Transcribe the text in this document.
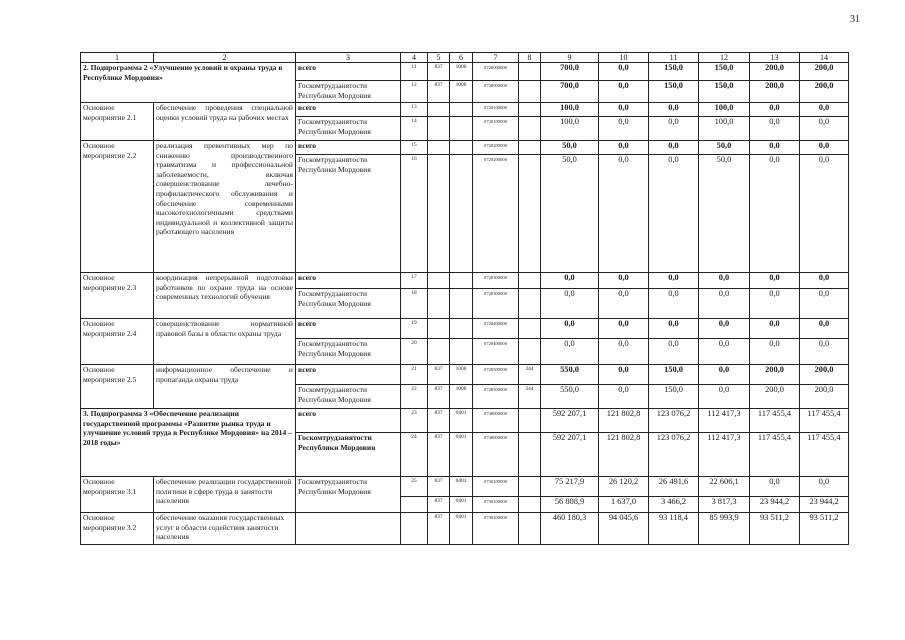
31
1	2	3	4	5	6	7	8	9	10	11	12	13	14
2. Подпрограмма 2 «Улучшение условий и охраны труда в Республике Мордовия»		всего	11	837	1006	0720000000		700,0	0,0	150,0	150,0	200,0	200,0
		Госкомтрудзанятости Республики Мордовия	12	837	1006	0720000000		700,0	0,0	150,0	150,0	200,0	200,0
Основное мероприятие 2.1	обеспечение проведения специальной оценки условий труда на рабочих местах	всего	13			0720100000		100,0	0,0	0,0	100,0	0,0	0,0
		Госкомтрудзанятости Республики Мордовия	14			0720100000		100,0	0,0	0,0	100,0	0,0	0,0
Основное мероприятие 2.2	реализация превентивных мер по снижению производственного травматизма и профессиональной заболеваемости, включая совершенствование лечебно-профилактического обслуживания и обеспечение современными высокотехнологичными средствами индивидуальной и коллективной защиты работающего населения	всего	15			0720200000		50,0	0,0	0,0	50,0	0,0	0,0
		Госкомтрудзанятости Республики Мордовия	16			0720200000		50,0	0,0	0,0	50,0	0,0	0,0
Основное мероприятие 2.3	координация непрерывной подготовки работников по охране труда на основе современных технологий обучения	всего	17			0720300000		0,0	0,0	0,0	0,0	0,0	0,0
		Госкомтрудзанятости Республики Мордовия	18			0720300000		0,0	0,0	0,0	0,0	0,0	0,0
Основное мероприятие 2.4	совершенствование нормативной правовой базы в области охраны труда	всего	19			0720400000		0,0	0,0	0,0	0,0	0,0	0,0
		Госкомтрудзанятости Республики Мордовия	20			0720400000		0,0	0,0	0,0	0,0	0,0	0,0
Основное мероприятие 2.5	информационное обеспечение и пропаганда охраны труда	всего	21	837	1006	0720500000	244	550,0	0,0	150,0	0,0	200,0	200,0
		Госкомтрудзанятости Республики Мордовия	22	837	1006	0720500000	244	550,0	0,0	150,0	0,0	200,0	200,0
3. Подпрограмма 3 «Обеспечение реализации государственной программы «Развитие рынка труда и улучшение условий труда в Республике Мордовия» на 2014 – 2018 годы»		всего	23	837	0401	0730000000		592 207,1	121 802,8	123 076,2	112 417,3	117 455,4	117 455,4
		Госкомтрудзанятости Республики Мордовия	24	837	0401	0730000000		592 207,1	121 802,8	123 076,2	112 417,3	117 455,4	117 455,4
Основное мероприятие 3.1	обеспечение реализации государственной политики в сфере труда и занятости населения	Госкомтрудзанятости Республики Мордовия	25	837	0401	0730100000		75 217,9	26 120,2	26 491,6	22 606,1	0,0	0,0
				837	0401	0730100000		56 808,9	1 637,0	3 466,2	3 817,3	23 944,2	23 944,2
Основное мероприятие 3.2	обеспечение оказания государственных услуг в области содействия занятости населения			837	0401	0730200000		460 180,3	94 045,6	93 118,4	85 993,9	93 511,2	93 511,2
